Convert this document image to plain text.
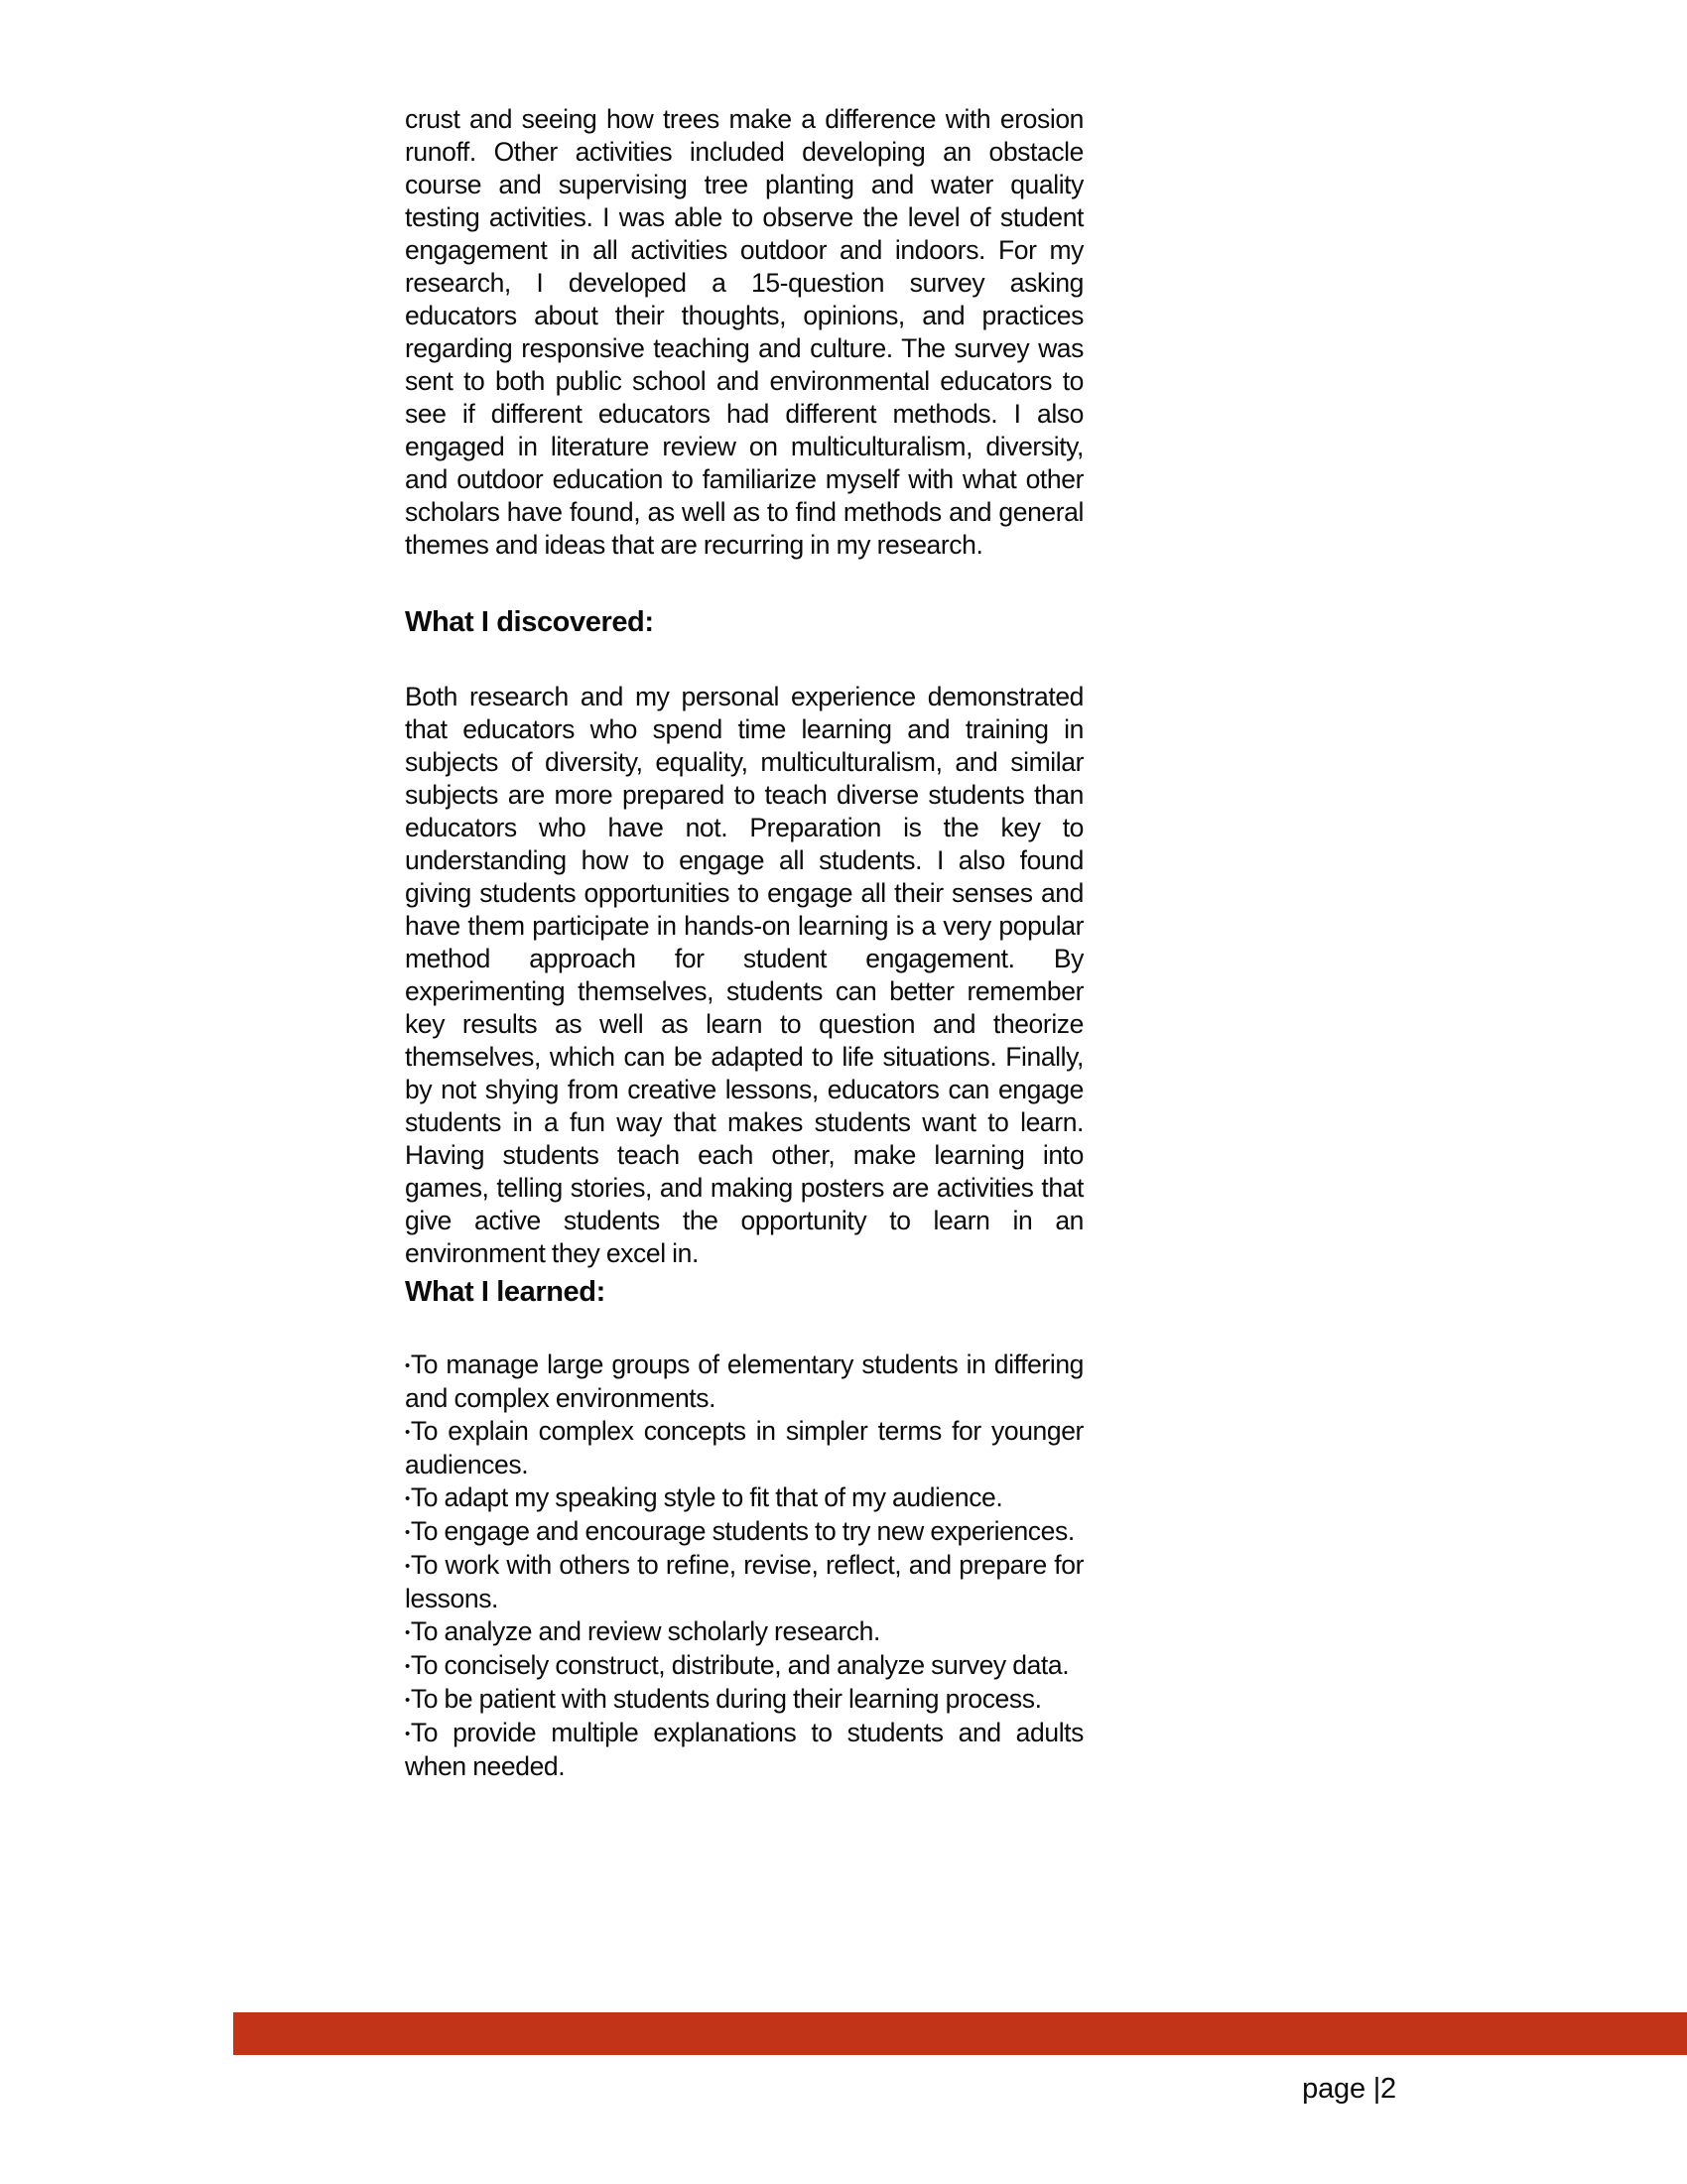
crust and seeing how trees make a difference with erosion runoff. Other activities included developing an obstacle course and supervising tree planting and water quality testing activities. I was able to observe the level of student engagement in all activities outdoor and indoors. For my research, I developed a 15-question survey asking educators about their thoughts, opinions, and practices regarding responsive teaching and culture. The survey was sent to both public school and environmental educators to see if different educators had different methods. I also engaged in literature review on multiculturalism, diversity, and outdoor education to familiarize myself with what other scholars have found, as well as to find methods and general themes and ideas that are recurring in my research.

What I discovered:

Both research and my personal experience demonstrated that educators who spend time learning and training in subjects of diversity, equality, multiculturalism, and similar subjects are more prepared to teach diverse students than educators who have not. Preparation is the key to understanding how to engage all students. I also found giving students opportunities to engage all their senses and have them participate in hands-on learning is a very popular method approach for student engagement. By experimenting themselves, students can better remember key results as well as learn to question and theorize themselves, which can be adapted to life situations. Finally, by not shying from creative lessons, educators can engage students in a fun way that makes students want to learn. Having students teach each other, make learning into games, telling stories, and making posters are activities that give active students the opportunity to learn in an environment they excel in.

What I learned:
•To manage large groups of elementary students in differing and complex environments.
•To explain complex concepts in simpler terms for younger audiences.
•To adapt my speaking style to fit that of my audience.
•To engage and encourage students to try new experiences.
•To work with others to refine, revise, reflect, and prepare for lessons.
•To analyze and review scholarly research.
•To concisely construct, distribute, and analyze survey data.
•To be patient with students during their learning process.
•To provide multiple explanations to students and adults when needed.
page |2
